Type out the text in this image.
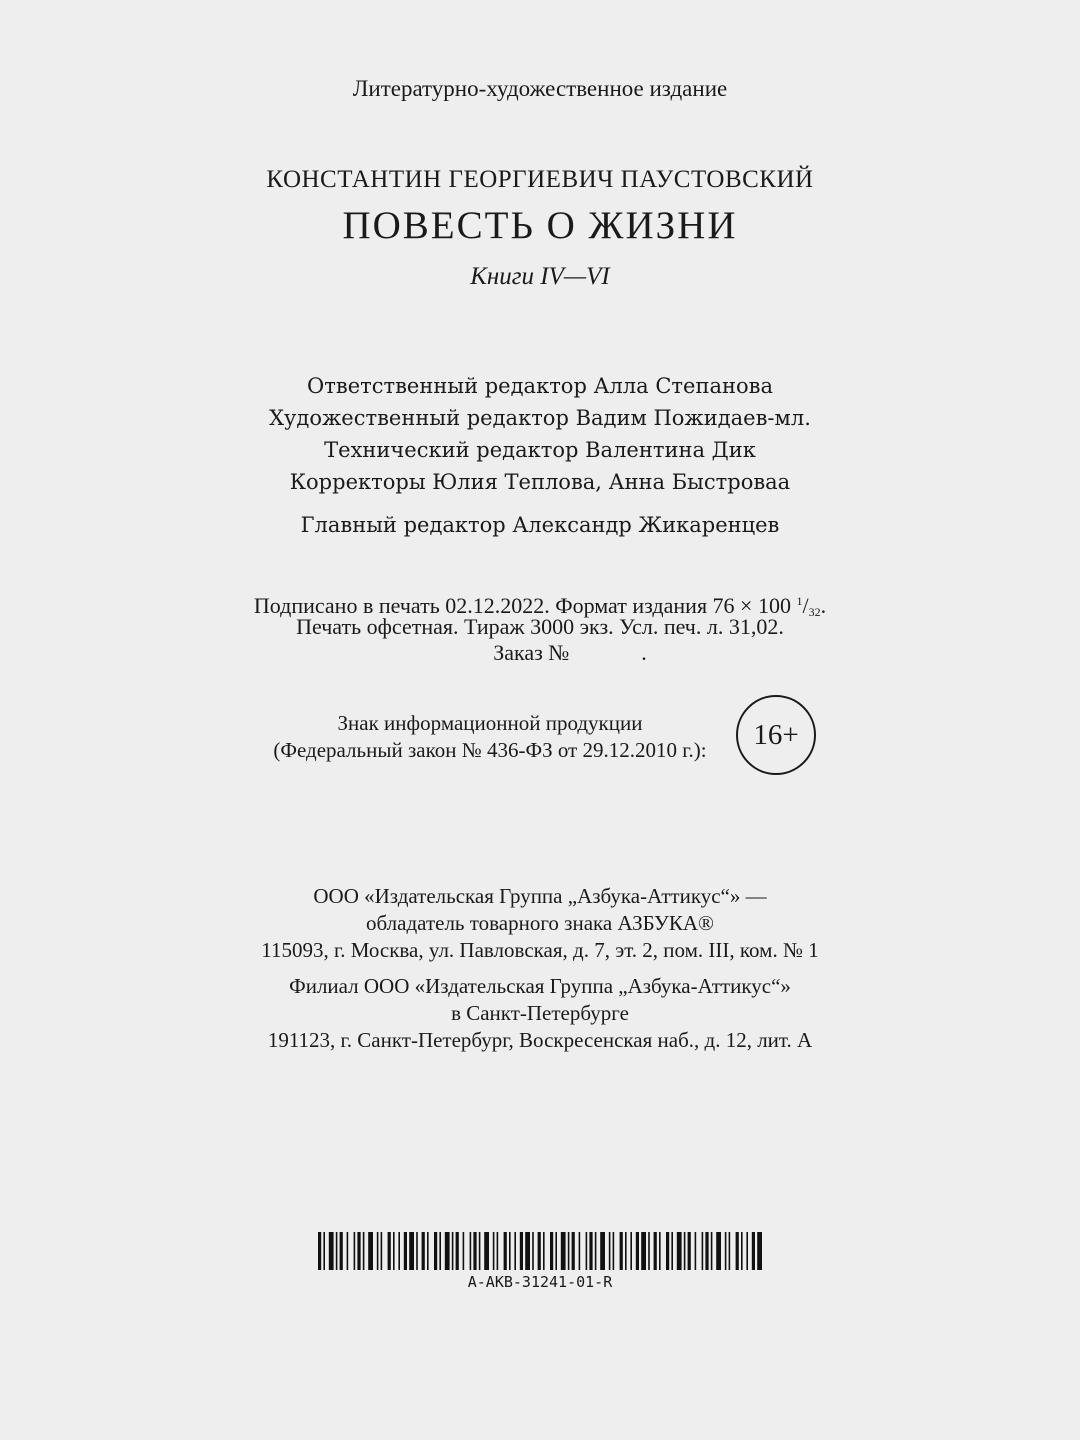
Литературно-художественное издание
КОНСТАНТИН ГЕОРГИЕВИЧ ПАУСТОВСКИЙ
ПОВЕСТЬ О ЖИЗНИ
Книги IV—VI
Ответственный редактор Алла Степанова
Художественный редактор Вадим Пожидаев-мл.
Технический редактор Валентина Дик
Корректоры Юлия Теплова, Анна Быстроваа
Главный редактор Александр Жикаренцев
Подписано в печать 02.12.2022. Формат издания 76 × 100 $^1$/32.
Печать офсетная. Тираж 3000 экз. Усл. печ. л. 31,02.
Заказ №	.
Знак информационной продукции
(Федеральный закон № 436-ФЗ от 29.12.2010 г.):	16+
ООО «Издательская Группа „Азбука-Аттикус“» —
обладатель товарного знака АЗБУКА®
115093, г. Москва, ул. Павловская, д. 7, эт. 2, пом. III, ком. № 1
Филиал ООО «Издательская Группа „Азбука-Аттикус“»
в Санкт-Петербурге
191123, г. Санкт-Петербург, Воскресенская наб., д. 12, лит. А
A-AKB-31241-01-R
